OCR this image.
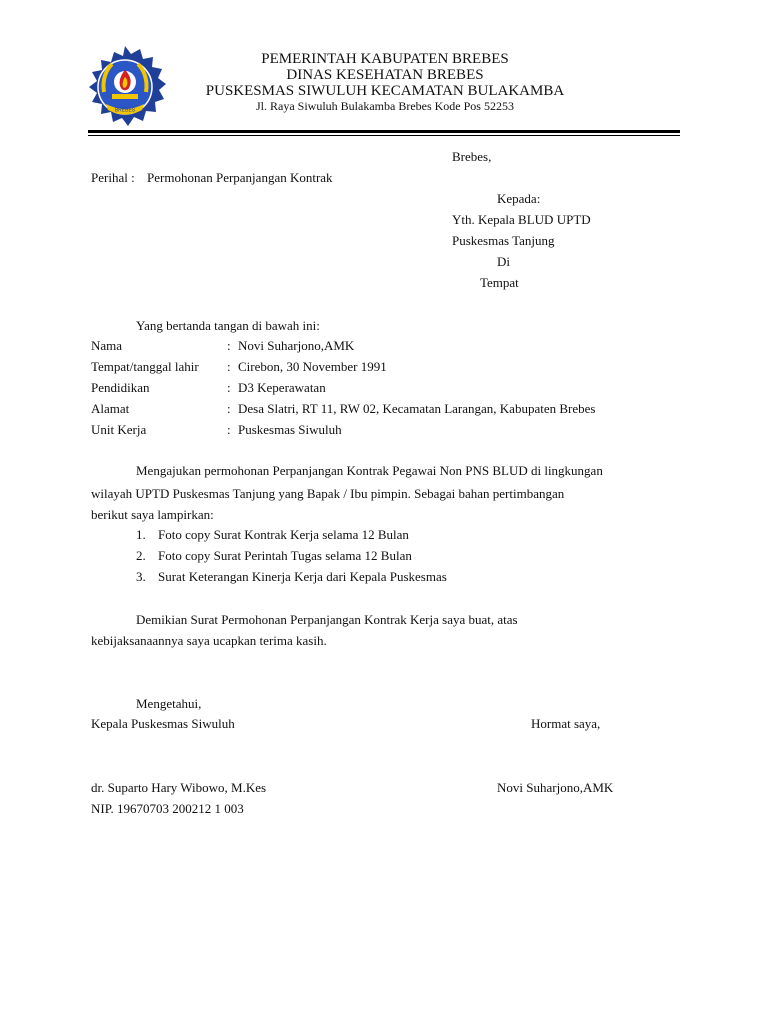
BREBES
PEMERINTAH KABUPATEN BREBES
DINAS KESEHATAN BREBES
PUSKESMAS SIWULUH KECAMATAN BULAKAMBA
Jl. Raya Siwuluh Bulakamba Brebes Kode Pos 52253
Brebes,
Perihal : Permohonan Perpanjangan Kontrak
Kepada:
Yth. Kepala BLUD UPTD
Puskesmas Tanjung
Di
Tempat
Yang bertanda tangan di bawah ini:
Nama	: Novi Suharjono,AMK
Tempat/tanggal lahir : Cirebon, 30 November 1991
Pendidikan	: D3 Keperawatan
Alamat	: Desa Slatri, RT 11, RW 02, Kecamatan Larangan, Kabupaten Brebes
Unit Kerja	: Puskesmas Siwuluh
Mengajukan permohonan Perpanjangan Kontrak Pegawai Non PNS BLUD di lingkungan
wilayah UPTD Puskesmas Tanjung yang Bapak / Ibu pimpin. Sebagai bahan pertimbangan
berikut saya lampirkan:
1. Foto copy Surat Kontrak Kerja selama 12 Bulan
2. Foto copy Surat Perintah Tugas selama 12 Bulan
3. Surat Keterangan Kinerja Kerja dari Kepala Puskesmas
Demikian Surat Permohonan Perpanjangan Kontrak Kerja saya buat, atas
kebijaksanaannya saya ucapkan terima kasih.
Mengetahui,
Kepala Puskesmas Siwuluh	Hormat saya,
dr. Suparto Hary Wibowo, M.Kes	Novi Suharjono,AMK
NIP. 19670703 200212 1 003
